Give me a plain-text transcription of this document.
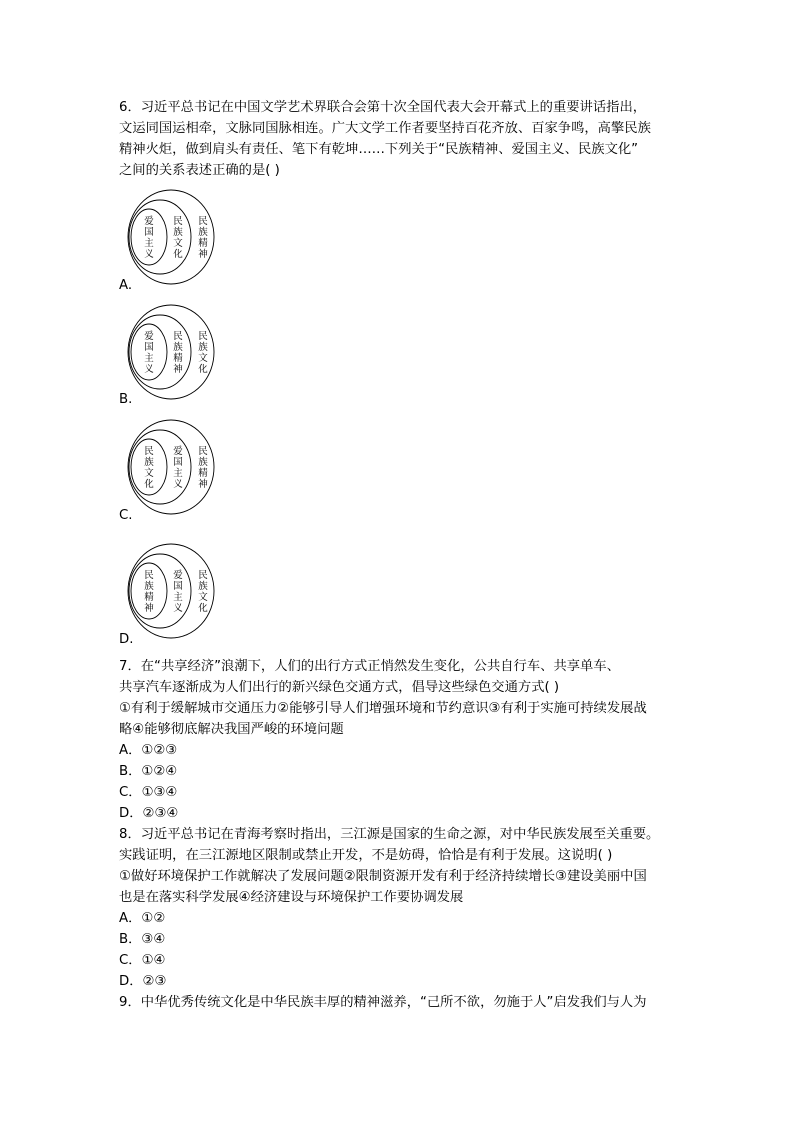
6．习近平总书记在中国文学艺术界联合会第十次全国代表大会开幕式上的重要讲话指出，
文运同国运相牵，文脉同国脉相连。广大文学工作者要坚持百花齐放、百家争鸣，高擎民族
精神火炬，做到肩头有责任、笔下有乾坤……下列关于“民族精神、爱国主义、民族文化”
之间的关系表述正确的是( )
爱国主义
民族文化
民族精神
A.
爱国主义
民族精神
民族文化
B.
民族文化
爱国主义
民族精神
C.
民族精神
爱国主义
民族文化
D.
7．在“共享经济”浪潮下，人们的出行方式正悄然发生变化，公共自行车、共享单车、
共享汽车逐渐成为人们出行的新兴绿色交通方式，倡导这些绿色交通方式( )
①有利于缓解城市交通压力②能够引导人们增强环境和节约意识③有利于实施可持续发展战
略④能够彻底解决我国严峻的环境问题
A．①②③
B．①②④
C．①③④
D．②③④
8．习近平总书记在青海考察时指出，三江源是国家的生命之源，对中华民族发展至关重要。
实践证明，在三江源地区限制或禁止开发，不是妨碍，恰恰是有利于发展。这说明( )
①做好环境保护工作就解决了发展问题②限制资源开发有利于经济持续增长③建设美丽中国
也是在落实科学发展④经济建设与环境保护工作要协调发展
A．①②
B．③④
C．①④
D．②③
9．中华优秀传统文化是中华民族丰厚的精神滋养，“己所不欲，勿施于人”启发我们与人为
